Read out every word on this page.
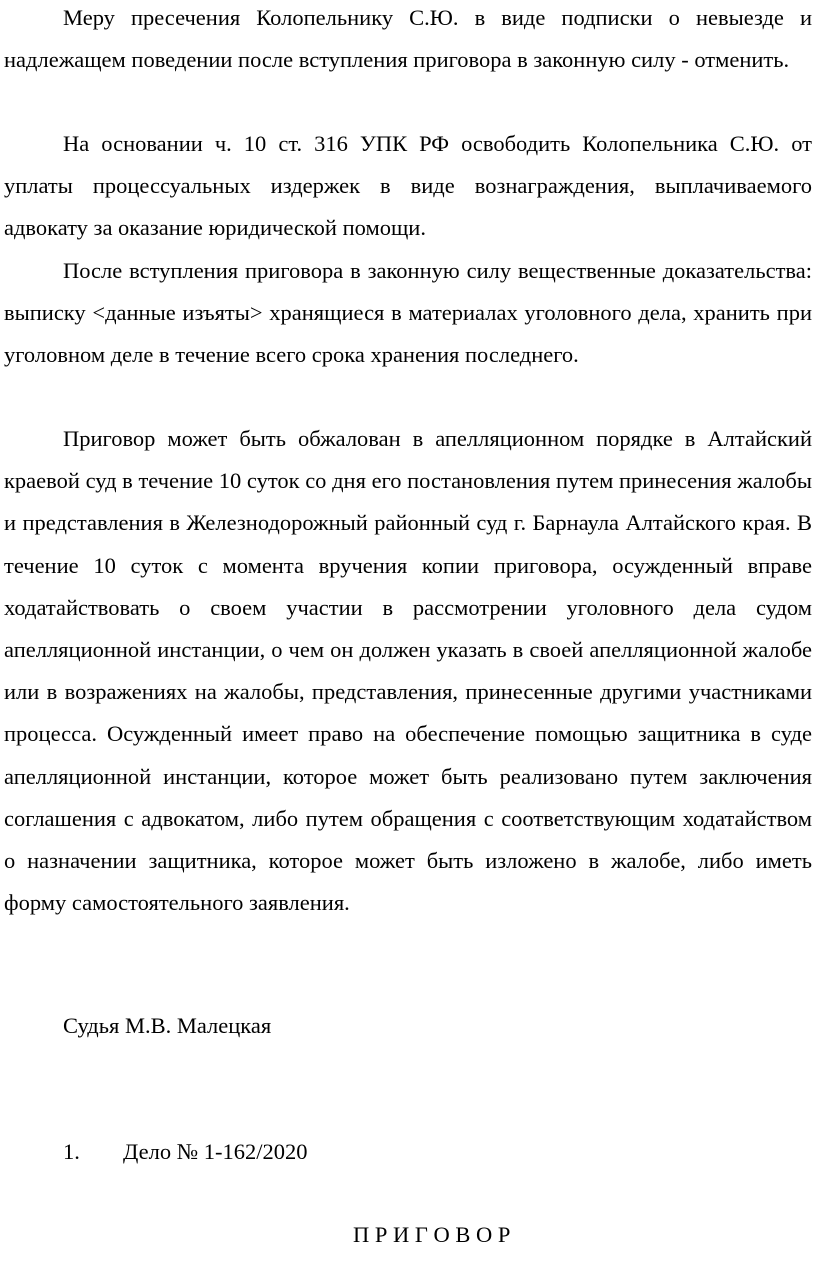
Меру пресечения Колопельнику С.Ю. в виде подписки о невыезде и надлежащем поведении после вступления приговора в законную силу - отменить.

На основании ч. 10 ст. 316 УПК РФ освободить Колопельника С.Ю. от уплаты процессуальных издержек в виде вознаграждения, выплачиваемого адвокату за оказание юридической помощи.

После вступления приговора в законную силу вещественные доказательства: выписку <данные изъяты> хранящиеся в материалах уголовного дела, хранить при уголовном деле в течение всего срока хранения последнего.

Приговор может быть обжалован в апелляционном порядке в Алтайский краевой суд в течение 10 суток со дня его постановления путем принесения жалобы и представления в Железнодорожный районный суд г. Барнаула Алтайского края. В течение 10 суток с момента вручения копии приговора, осужденный вправе ходатайствовать о своем участии в рассмотрении уголовного дела судом апелляционной инстанции, о чем он должен указать в своей апелляционной жалобе или в возражениях на жалобы, представления, принесенные другими участниками процесса. Осужденный имеет право на обеспечение помощью защитника в суде апелляционной инстанции, которое может быть реализовано путем заключения соглашения с адвокатом, либо путем обращения с соответствующим ходатайством о назначении защитника, которое может быть изложено в жалобе, либо иметь форму самостоятельного заявления.

Судья М.В. Малецкая

1. Дело № 1-162/2020

П Р И Г О В О Р
